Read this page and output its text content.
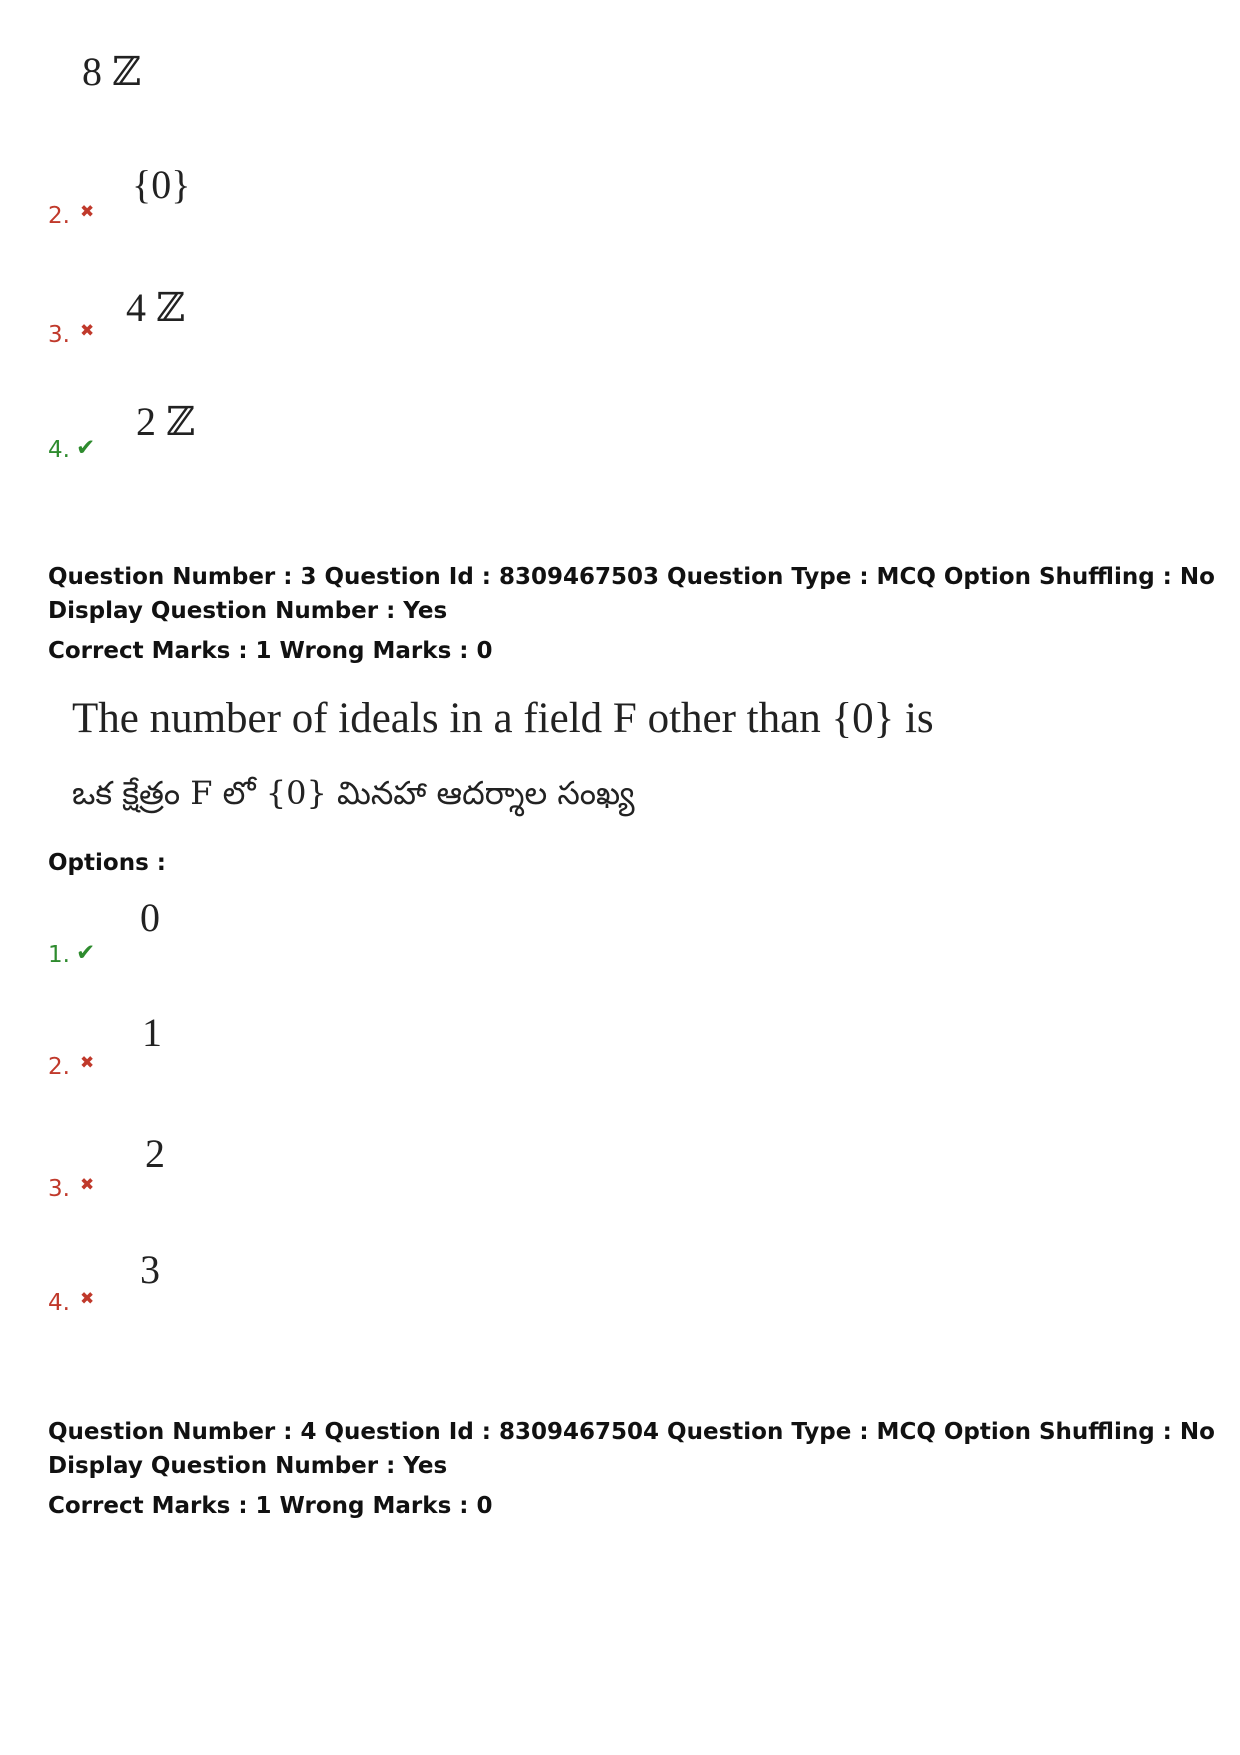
8 ℤ
{0}
2. ✖
4 ℤ
3. ✖
2 ℤ
4. ✔
Question Number : 3 Question Id : 8309467503 Question Type : MCQ Option Shuffling : No
Display Question Number : Yes
Correct Marks : 1 Wrong Marks : 0
The number of ideals in a field F other than {0} is
ఒక క్షేత్రం F లో {0} మినహా ఆదర్శాల సంఖ్య
Options :
0
1. ✔
1
2. ✖
2
3. ✖
3
4. ✖
Question Number : 4 Question Id : 8309467504 Question Type : MCQ Option Shuffling : No
Display Question Number : Yes
Correct Marks : 1 Wrong Marks : 0
